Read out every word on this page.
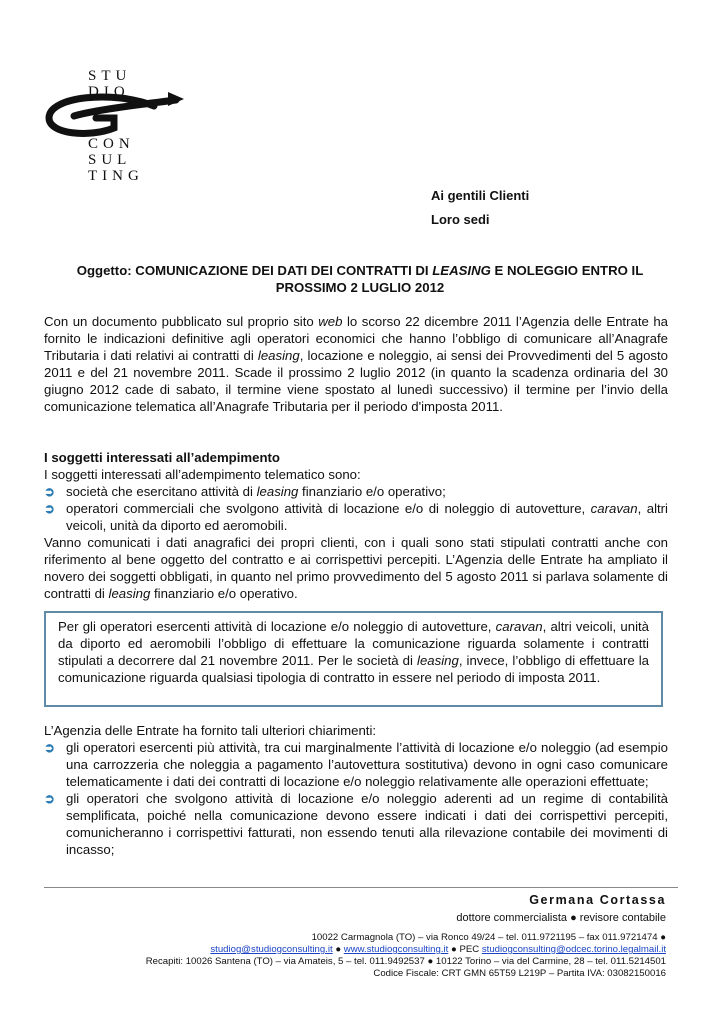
STU
DIO
CON
SUL
TING
Ai gentili Clienti
Loro sedi
Oggetto: COMUNICAZIONE DEI DATI DEI CONTRATTI DI LEASING E NOLEGGIO ENTRO IL
PROSSIMO 2 LUGLIO 2012

Con un documento pubblicato sul proprio sito web lo scorso 22 dicembre 2011 l’Agenzia delle Entrate ha fornito le indicazioni definitive agli operatori economici che hanno l’obbligo di comunicare all’Anagrafe Tributaria i dati relativi ai contratti di leasing, locazione e noleggio, ai sensi dei Provvedimenti del 5 agosto 2011 e del 21 novembre 2011. Scade il prossimo 2 luglio 2012 (in quanto la scadenza ordinaria del 30 giugno 2012 cade di sabato, il termine viene spostato al lunedì successivo) il termine per l’invio della comunicazione telematica all’Anagrafe Tributaria per il periodo d'imposta 2011.

I soggetti interessati all’adempimento

I soggetti interessati all’adempimento telematico sono:

➲ società che esercitano attività di leasing finanziario e/o operativo;
➲ operatori commerciali che svolgono attività di locazione e/o di noleggio di autovetture, caravan, altri veicoli, unità da diporto ed aeromobili.

Vanno comunicati i dati anagrafici dei propri clienti, con i quali sono stati stipulati contratti anche con riferimento al bene oggetto del contratto e ai corrispettivi percepiti. L’Agenzia delle Entrate ha ampliato il novero dei soggetti obbligati, in quanto nel primo provvedimento del 5 agosto 2011 si parlava solamente di contratti di leasing finanziario e/o operativo.

Per gli operatori esercenti attività di locazione e/o noleggio di autovetture, caravan, altri veicoli, unità da diporto ed aeromobili l’obbligo di effettuare la comunicazione riguarda solamente i contratti stipulati a decorrere dal 21 novembre 2011. Per le società di leasing, invece, l’obbligo di effettuare la comunicazione riguarda qualsiasi tipologia di contratto in essere nel periodo di imposta 2011.

L’Agenzia delle Entrate ha fornito tali ulteriori chiarimenti:

➲ gli operatori esercenti più attività, tra cui marginalmente l’attività di locazione e/o noleggio (ad esempio una carrozzeria che noleggia a pagamento l’autovettura sostitutiva) devono in ogni caso comunicare telematicamente i dati dei contratti di locazione e/o noleggio relativamente alle operazioni effettuate;
➲ gli operatori che svolgono attività di locazione e/o noleggio aderenti ad un regime di contabilità semplificata, poiché nella comunicazione devono essere indicati i dati dei corrispettivi percepiti, comunicheranno i corrispettivi fatturati, non essendo tenuti alla rilevazione contabile dei movimenti di incasso;
Germana Cortassa
dottore commercialista ● revisore contabile
10022 Carmagnola (TO) – via Ronco 49/24 – tel. 011.9721195 – fax 011.9721474 ●
studiog@studiogconsulting.it ● www.studiogconsulting.it ● PEC studiogconsulting@odcec.torino.legalmail.it
Recapiti: 10026 Santena (TO) – via Amateis, 5 – tel. 011.9492537 ● 10122 Torino – via del Carmine, 28 – tel. 011.5214501
Codice Fiscale: CRT GMN 65T59 L219P – Partita IVA: 03082150016
